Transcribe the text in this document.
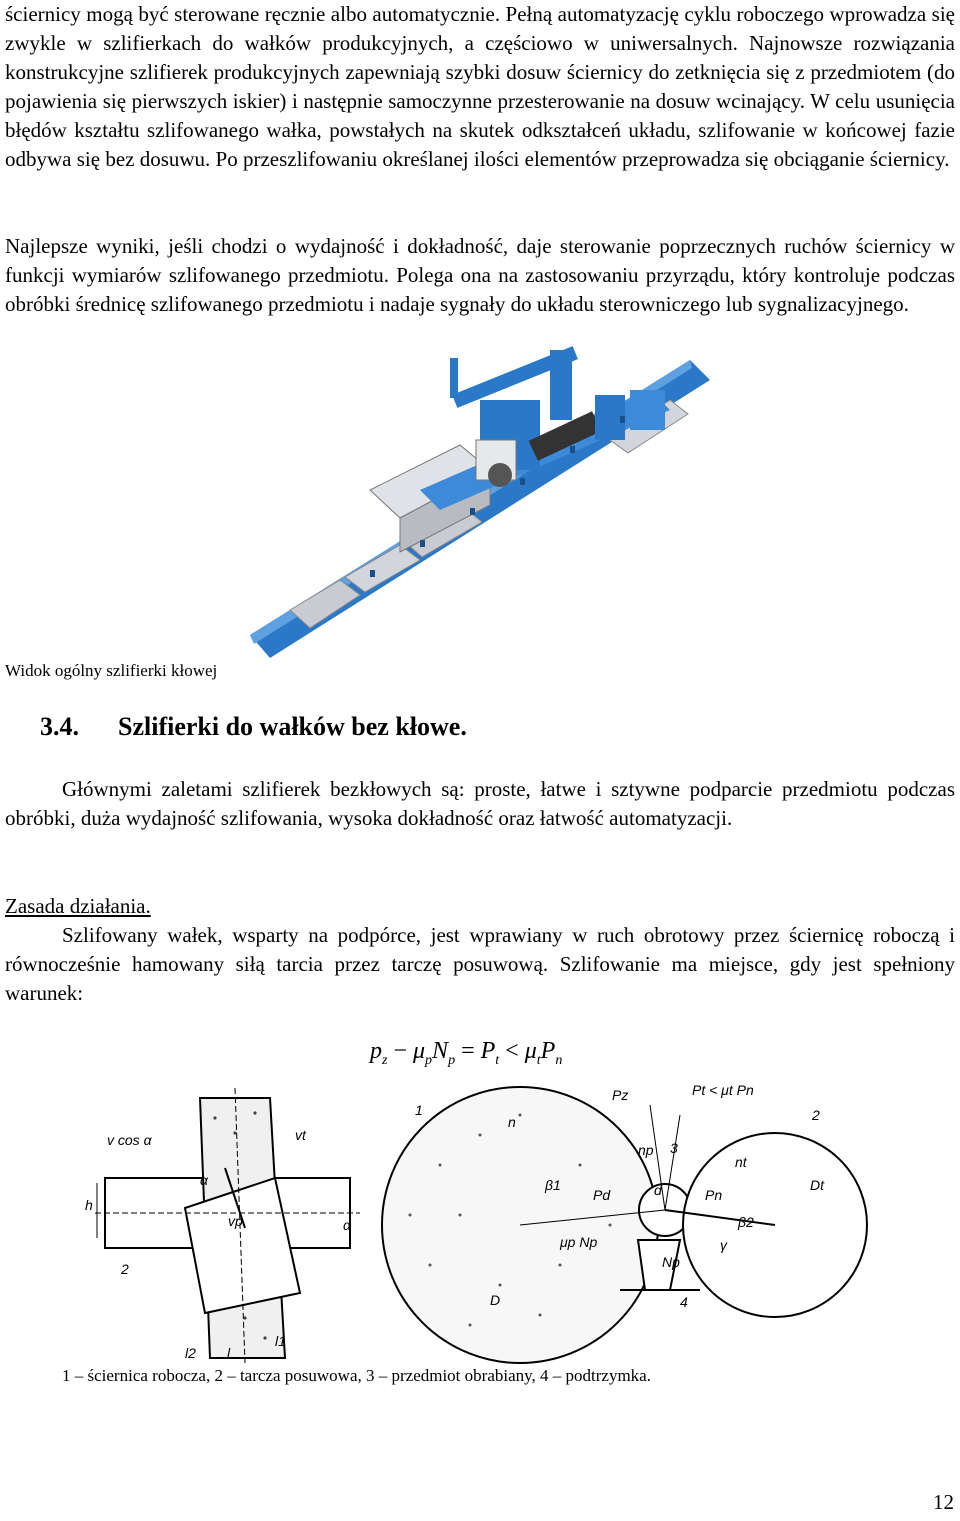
ściernicy mogą być sterowane ręcznie albo automatycznie. Pełną automatyzację cyklu roboczego wprowadza się zwykle w szlifierkach do wałków produkcyjnych, a częściowo w uniwersalnych. Najnowsze rozwiązania konstrukcyjne szlifierek produkcyjnych zapewniają szybki dosuw ściernicy do zetknięcia się z przedmiotem (do pojawienia się pierwszych iskier) i następnie samoczynne przesterowanie na dosuw wcinający. W celu usunięcia błędów kształtu szlifowanego wałka, powstałych na skutek odkształceń układu, szlifowanie w końcowej fazie odbywa się bez dosuwu. Po przeszlifowaniu określanej ilości elementów przeprowadza się obciąganie ściernicy.

Najlepsze wyniki, jeśli chodzi o wydajność i dokładność, daje sterowanie poprzecznych ruchów ściernicy w funkcji wymiarów szlifowanego przedmiotu. Polega ona na zastosowaniu przyrządu, który kontroluje podczas obróbki średnicę szlifowanego przedmiotu i nadaje sygnały do układu sterowniczego lub sygnalizacyjnego.

Widok ogólny szlifierki kłowej
3.4. Szlifierki do wałków bez kłowe.

Głównymi zaletami szlifierek bezkłowych są: proste, łatwe i sztywne podparcie przedmiotu podczas obróbki, duża wydajność szlifowania, wysoka dokładność oraz łatwość automatyzacji.

Zasada działania.

Szlifowany wałek, wsparty na podpórce, jest wprawiany w ruch obrotowy przez ściernicę roboczą i równocześnie hamowany siłą tarcia przez tarczę posuwową. Szlifowanie ma miejsce, gdy jest spełniony warunek:

$p_z - \mu_pN_p = P_t < \mu_tP_n$
v cos α	vt
α
h
vp	α
2
l2 l
l1
1
n
β1
Pd
μp Np
D
Pz	Pt < μt Pn
np 3
nt
d	Pn
β2
γ
Np
Dt
4
2
1 – ściernica robocza, 2 – tarcza posuwowa, 3 – przedmiot obrabiany, 4 – podtrzymka.
12
